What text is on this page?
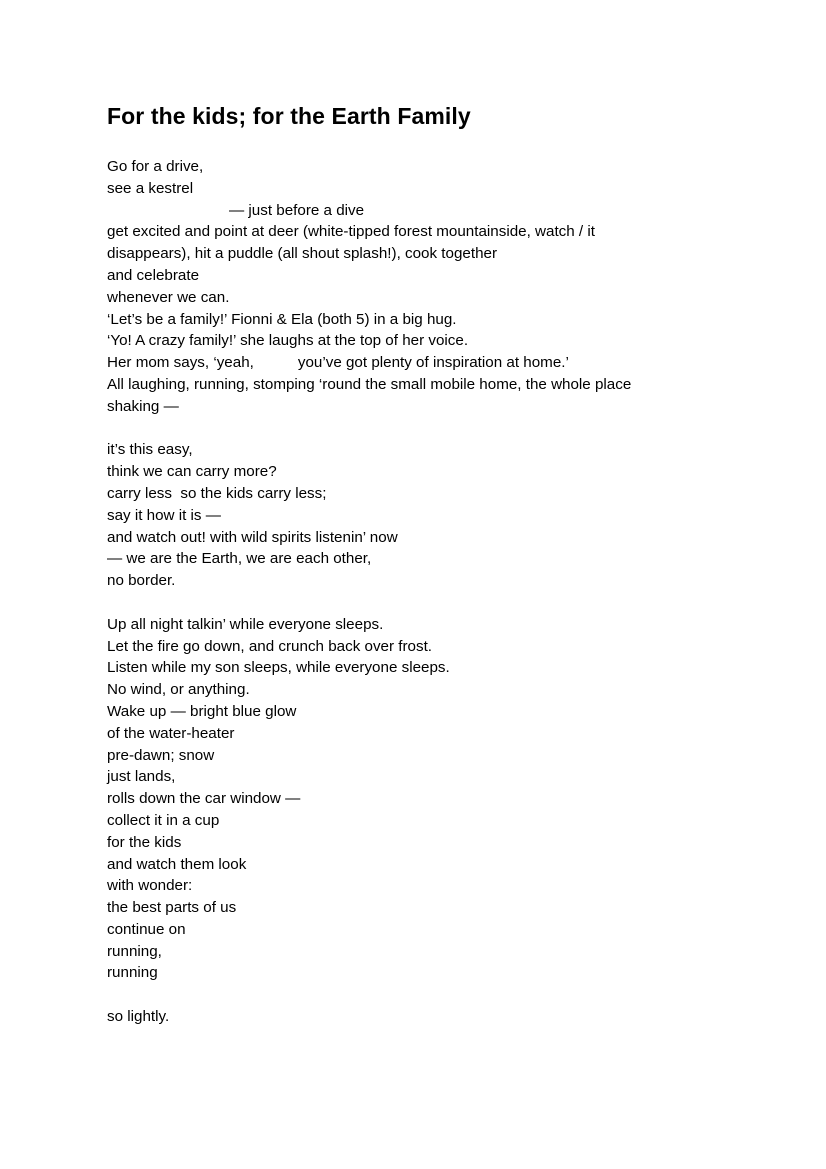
For the kids; for the Earth Family
Go for a drive,
see a kestrel
— just before a dive
get excited and point at deer (white-tipped forest mountainside, watch / it
disappears), hit a puddle (all shout splash!), cook together
and celebrate
whenever we can.
‘Let’s be a family!’ Fionni & Ela (both 5) in a big hug.
‘Yo! A crazy family!’ she laughs at the top of her voice.
Her mom says, ‘yeah,	you’ve got plenty of inspiration at home.’
All laughing, running, stomping ‘round the small mobile home, the whole place
shaking —
it’s this easy,
think we can carry more?
carry less  so the kids carry less;
say it how it is —
and watch out! with wild spirits listenin’ now
— we are the Earth, we are each other,
no border.
Up all night talkin’ while everyone sleeps.
Let the fire go down, and crunch back over frost.
Listen while my son sleeps, while everyone sleeps.
No wind, or anything.
Wake up — bright blue glow
of the water-heater
pre-dawn; snow
just lands,
rolls down the car window —
collect it in a cup
for the kids
and watch them look
with wonder:
the best parts of us
continue on
running,
running
so lightly.
